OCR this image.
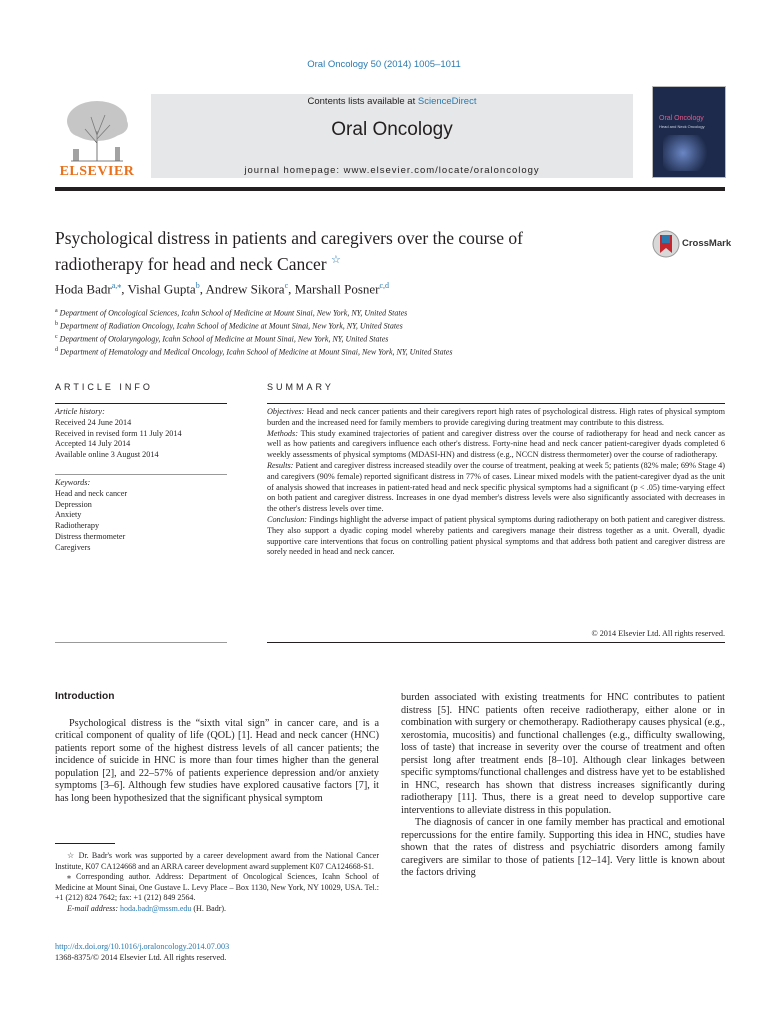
Oral Oncology 50 (2014) 1005–1011
ELSEVIER
Contents lists available at ScienceDirect
Oral Oncology
journal homepage: www.elsevier.com/locate/oraloncology
Oral Oncology
Head and Neck Oncology
Psychological distress in patients and caregivers over the course of radiotherapy for head and neck Cancer ☆
CrossMark
Hoda Badr$^{a,⁎}$, Vishal Gupta$^b$, Andrew Sikora$^c$, Marshall Posner$^{c,d}$
$^a$ Department of Oncological Sciences, Icahn School of Medicine at Mount Sinai, New York, NY, United States
$^b$ Department of Radiation Oncology, Icahn School of Medicine at Mount Sinai, New York, NY, United States
$^c$ Department of Otolaryngology, Icahn School of Medicine at Mount Sinai, New York, NY, United States
$^d$ Department of Hematology and Medical Oncology, Icahn School of Medicine at Mount Sinai, New York, NY, United States
ARTICLE INFO	SUMMARY
Article history:
Received 24 June 2014
Received in revised form 11 July 2014
Accepted 14 July 2014
Available online 3 August 2014
Keywords:
Head and neck cancer
Depression
Anxiety
Radiotherapy
Distress thermometer
Caregivers

Objectives: Head and neck cancer patients and their caregivers report high rates of psychological distress. High rates of physical symptom burden and the increased need for family members to provide caregiving during treatment may contribute to this distress.

Methods: This study examined trajectories of patient and caregiver distress over the course of radiotherapy for head and neck cancer as well as how patients and caregivers influence each other's distress. Forty-nine head and neck cancer patient-caregiver dyads completed 6 weekly assessments of physical symptoms (MDASI-HN) and distress (e.g., NCCN distress thermometer) over the course of radiotherapy.

Results: Patient and caregiver distress increased steadily over the course of treatment, peaking at week 5; patients (82% male; 69% Stage 4) and caregivers (90% female) reported significant distress in 77% of cases. Linear mixed models with the patient-caregiver dyad as the unit of analysis showed that increases in patient-rated head and neck specific physical symptoms had a significant (p < .05) time-varying effect on both patient and caregiver distress. Increases in one dyad member's distress levels were also significantly associated with decreases in the other's distress levels over time.

Conclusion: Findings highlight the adverse impact of patient physical symptoms during radiotherapy on both patient and caregiver distress. They also support a dyadic coping model whereby patients and caregivers manage their distress together as a unit. Overall, dyadic supportive care interventions that focus on controlling patient physical symptoms and that address both patient and caregiver distress are sorely needed in head and neck cancer.

© 2014 Elsevier Ltd. All rights reserved.
Introduction

Psychological distress is the “sixth vital sign” in cancer care, and is a critical component of quality of life (QOL) [1]. Head and neck cancer (HNC) patients report some of the highest distress levels of all cancer patients; the incidence of suicide in HNC is more than four times higher than the general population [2], and 22–57% of patients experience depression and/or anxiety symptoms [3–6]. Although few studies have explored causative factors [7], it has long been hypothesized that the significant physical symptom

burden associated with existing treatments for HNC contributes to patient distress [5]. HNC patients often receive radiotherapy, either alone or in combination with surgery or chemotherapy. Radiotherapy causes physical (e.g., xerostomia, mucositis) and functional challenges (e.g., difficulty swallowing, loss of taste) that increase in severity over the course of treatment and often persist long after treatment ends [8–10]. Although clear linkages between specific symptoms/functional challenges and distress have yet to be established in HNC, research has shown that distress increases significantly during radiotherapy [11]. Thus, there is a great need to develop supportive care interventions to alleviate distress in this population.

The diagnosis of cancer in one family member has practical and emotional repercussions for the entire family. Supporting this idea in HNC, studies have shown that the rates of distress and psychiatric disorders among family caregivers are similar to those of patients [12–14]. Very little is known about the factors driving

☆ Dr. Badr's work was supported by a career development award from the National Cancer Institute, K07 CA124668 and an ARRA career development award supplement K07 CA124668-S1.

⁎ Corresponding author. Address: Department of Oncological Sciences, Icahn School of Medicine at Mount Sinai, One Gustave L. Levy Place – Box 1130, New York, NY 10029, USA. Tel.: +1 (212) 824 7642; fax: +1 (212) 849 2564.

E-mail address: hoda.badr@mssm.edu (H. Badr).

http://dx.doi.org/10.1016/j.oraloncology.2014.07.003
1368-8375/© 2014 Elsevier Ltd. All rights reserved.
